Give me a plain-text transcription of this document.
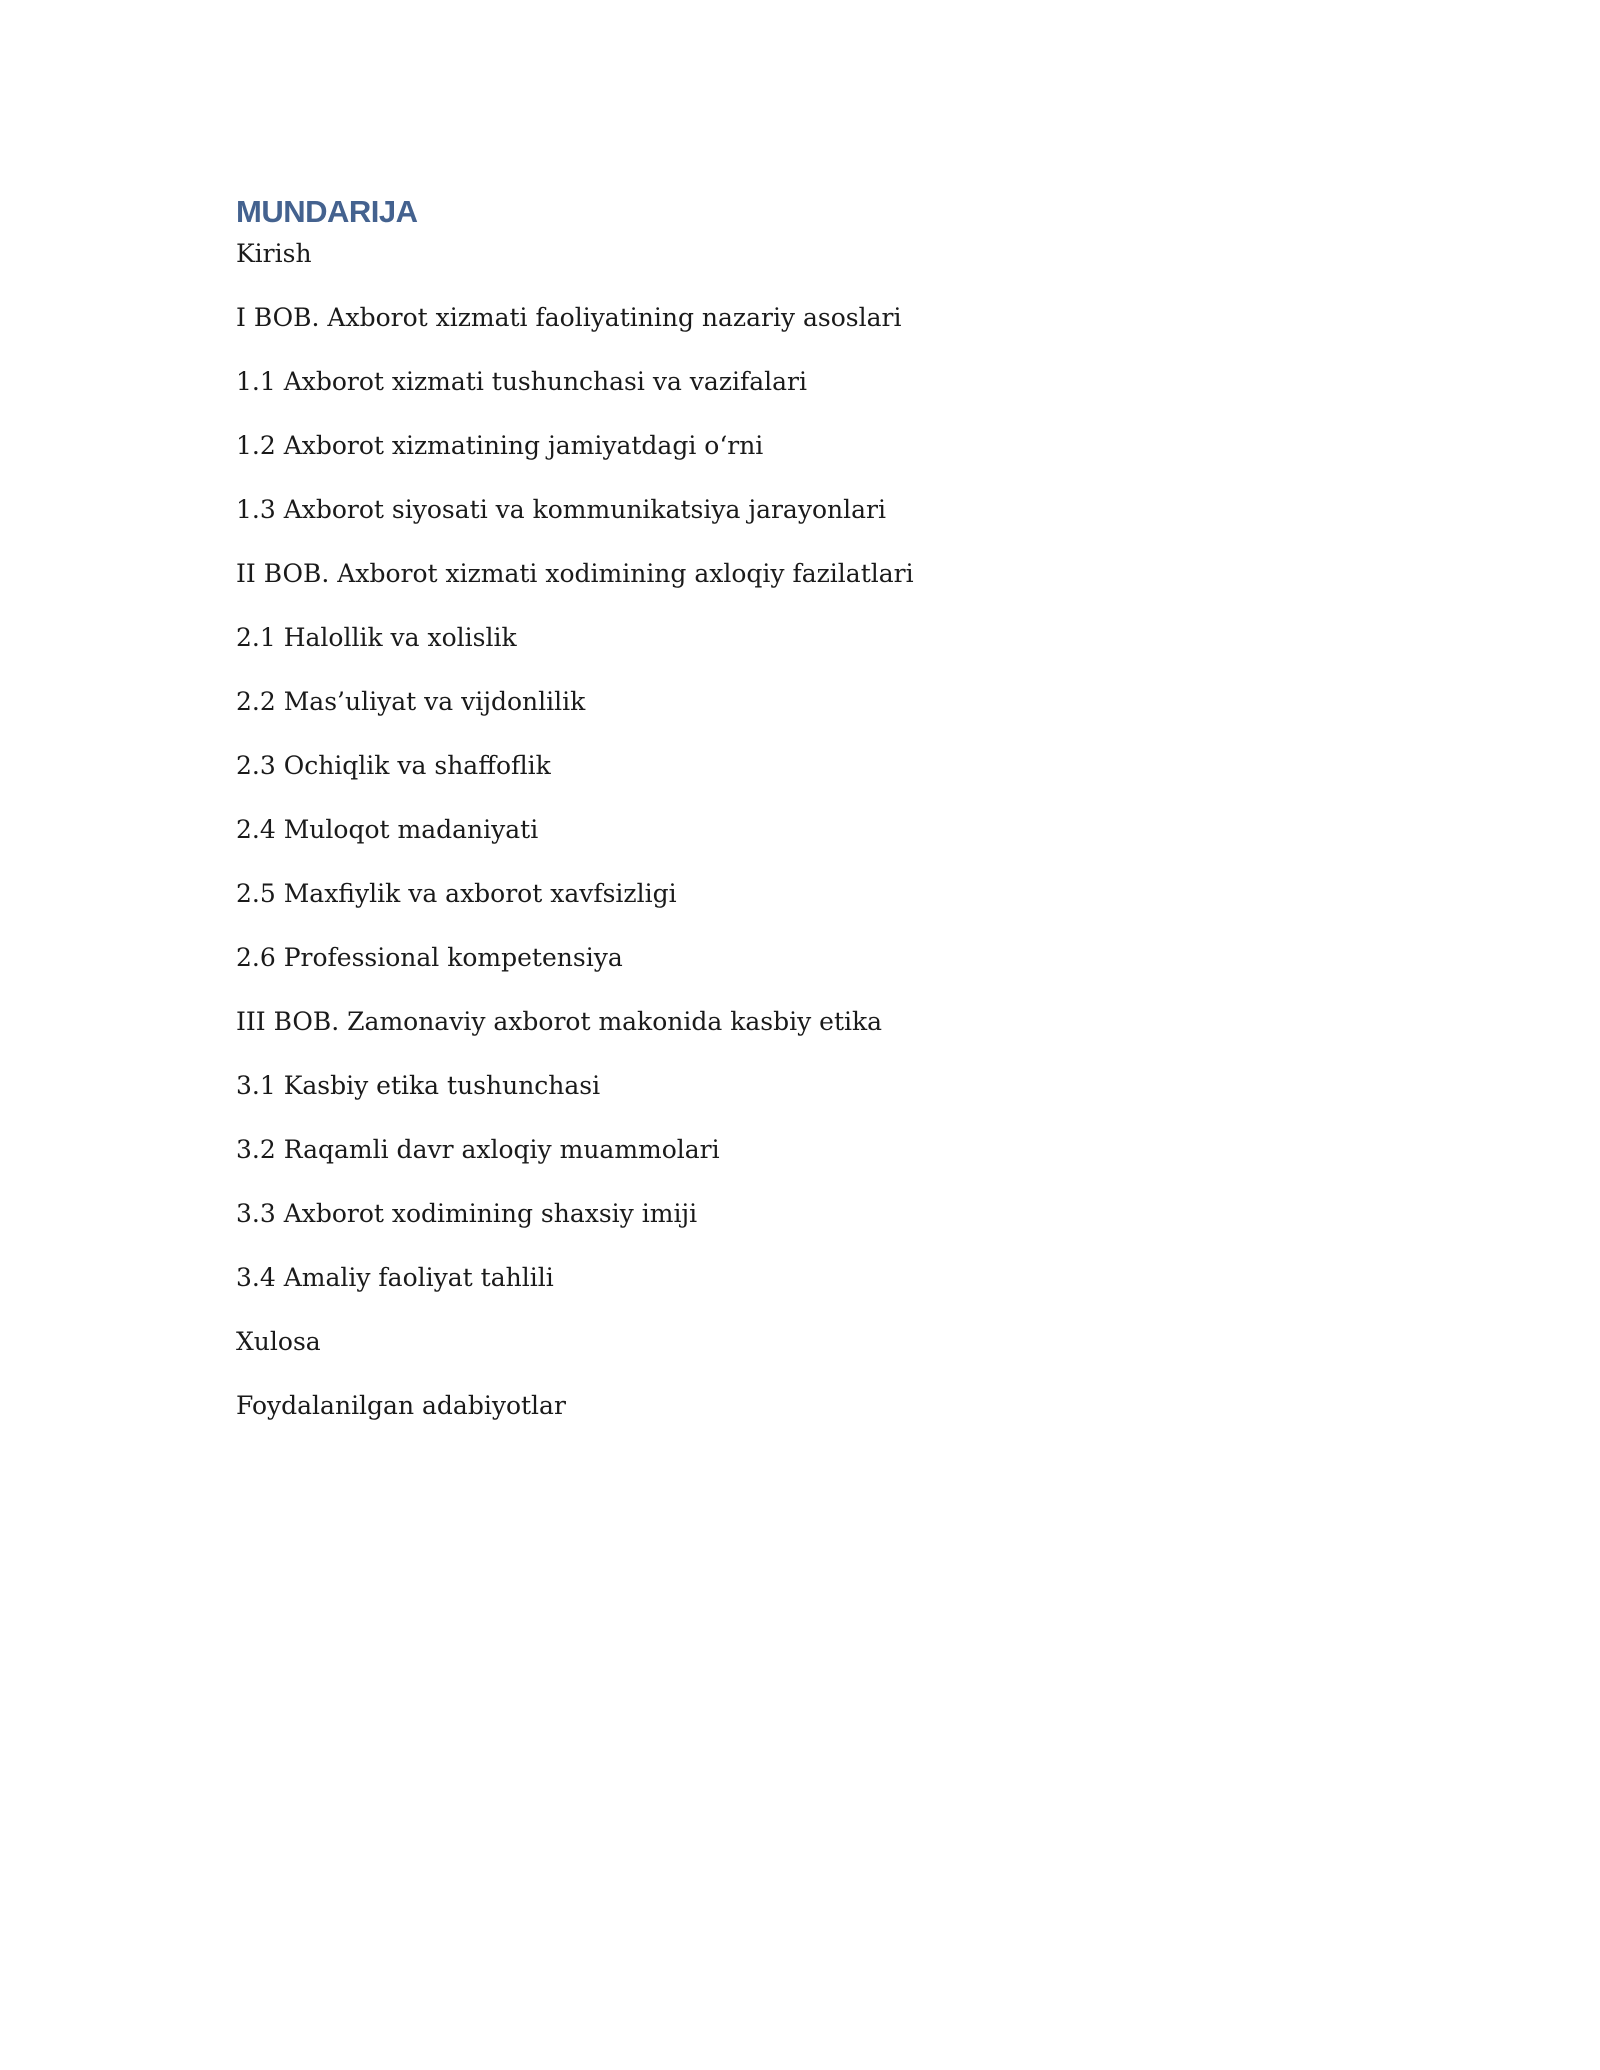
MUNDARIJA
Kirish
I BOB. Axborot xizmati faoliyatining nazariy asoslari
1.1 Axborot xizmati tushunchasi va vazifalari
1.2 Axborot xizmatining jamiyatdagi o‘rni
1.3 Axborot siyosati va kommunikatsiya jarayonlari
II BOB. Axborot xizmati xodimining axloqiy fazilatlari
2.1 Halollik va xolislik
2.2 Mas’uliyat va vijdonlilik
2.3 Ochiqlik va shaffoflik
2.4 Muloqot madaniyati
2.5 Maxfiylik va axborot xavfsizligi
2.6 Professional kompetensiya
III BOB. Zamonaviy axborot makonida kasbiy etika
3.1 Kasbiy etika tushunchasi
3.2 Raqamli davr axloqiy muammolari
3.3 Axborot xodimining shaxsiy imiji
3.4 Amaliy faoliyat tahlili
Xulosa
Foydalanilgan adabiyotlar
